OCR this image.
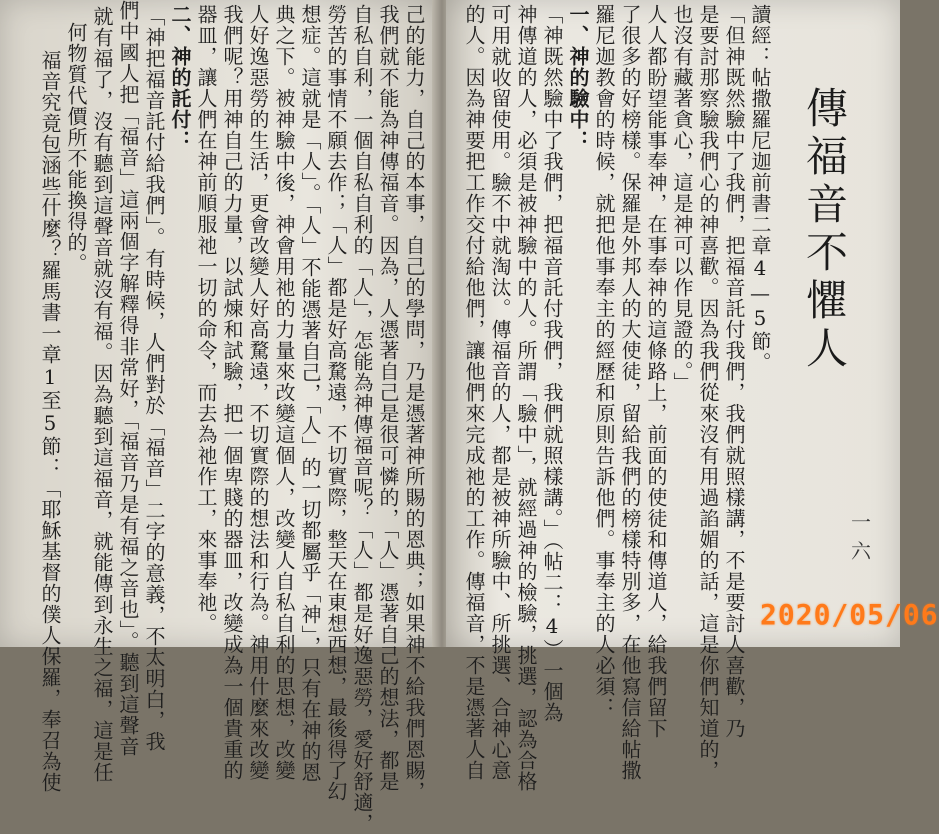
福音究竟包涵些什麼？羅馬書一章1至5節：「耶穌基督的僕人保羅，奉召為使 何物質代價所不能換得的。 就有福了，沒有聽到這聲音就沒有福。因為聽到這福音，就能傳到永生之福，這是任 們中國人把「福音」這兩個字解釋得非常好，「福音乃是有福之音也」。聽到這聲音 「神把福音託付給我們」。有時候，人們對於「福音」二字的意義，不太明白，我 二、神的託付： 器皿，讓人們在神前順服祂一切的命令，而去為祂作工，來事奉祂。 我們呢？用神自己的力量，以試煉和試驗，把一個卑賤的器皿，改變成為一個貴重的 人好逸惡勞的生活，更會改變人好高騖遠，不切實際的想法和行為。神用什麼來改變 典之下。被神驗中後，神會用祂的力量來改變這個人，改變人自私自利的思想，改變 想症。這就是「人」。「人」不能憑著自己，「人」的一切都屬乎「神」，只有在神的恩 勞苦的事情不願去作；「人」都是好高騖遠，不切實際，整天在東想西想，最後得了幻 自私自利，一個自私自利的「人」，怎能為神傳福音呢？「人」都是好逸惡勞，愛好舒適， 我們就不能為神傳福音。因為，人憑著自己是很可憐的，「人」憑著自己的想法，都是 己的能力，自己的本事，自己的學問，乃是憑著神所賜的恩典；如果神不給我們恩賜， 的人。因為神要把工作交付給他們，讓他們來完成祂的工作。傳福音，不是憑著人自 可用就收留使用。驗不中就淘汰。傳福音的人，都是被神所驗中、所挑選、合神心意 神傳道的人，必須是被神驗中的人。所謂「驗中」，就經過神的檢驗，挑選，認為合格 「神既然驗中了我們，把福音託付我們，我們就照樣講。」（帖二：4）一個為 一、神的驗中： 羅尼迦教會的時候，就把他事奉主的經歷和原則告訴他們。事奉主的人必須： 了很多的好榜樣。保羅是外邦人的大使徒，留給我們的榜樣特別多，在他寫信給帖撒 人人都盼望能事奉神，在事奉神的這條路上，前面的使徒和傳道人，給我們留下 也沒有藏著貪心，這是神可以作見證的。」 是要討那察驗我們心的神喜歡。因為我們從來沒有用過諂媚的話，這是你們知道的， 「但神既然驗中了我們，把福音託付我們，我們就照樣講，不是要討人喜歡，乃 讀經：帖撒羅尼迦前書二章4—5節。 傳福音不懼人
一六
2020/05/06
